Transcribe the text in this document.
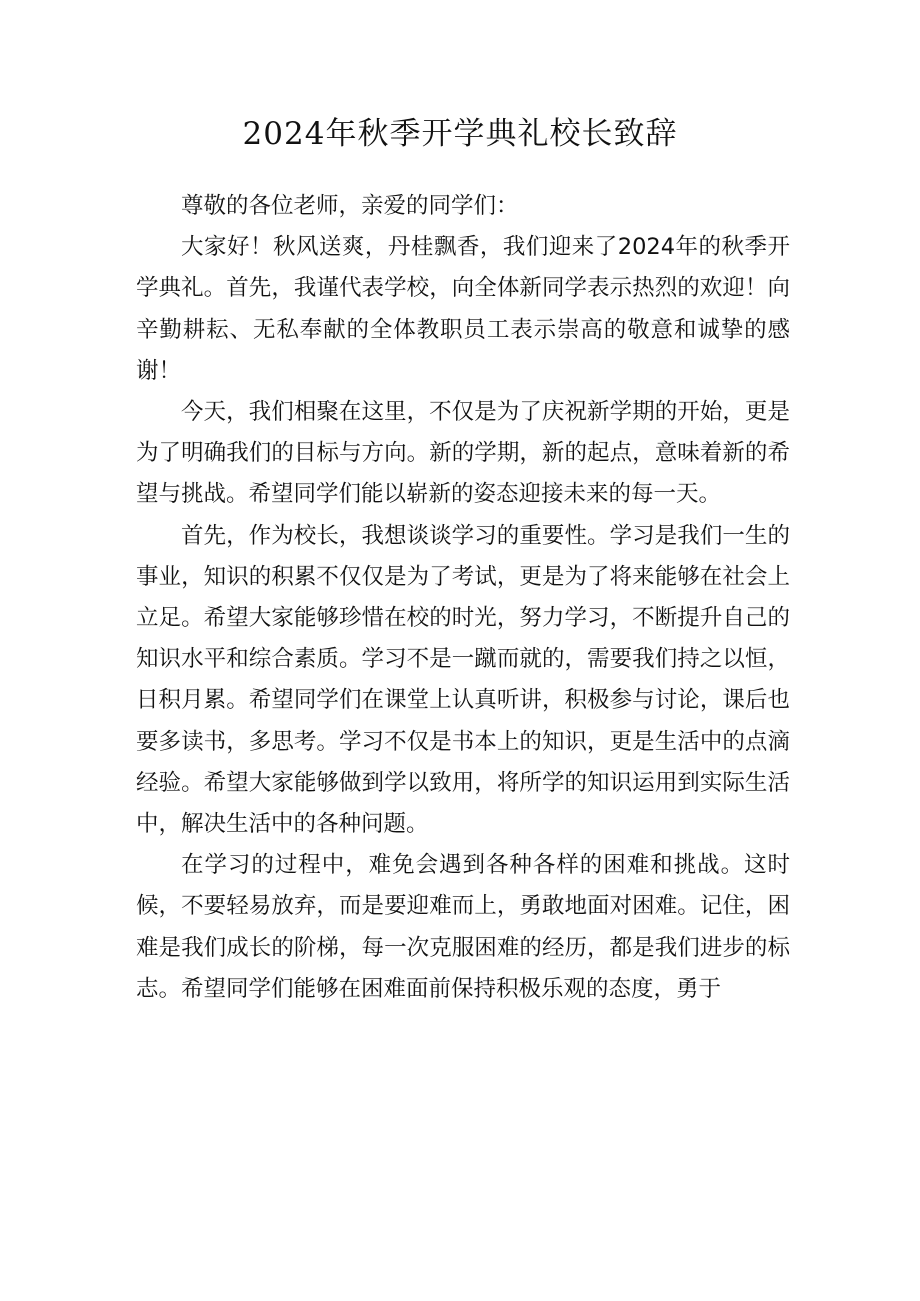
2024年秋季开学典礼校长致辞

尊敬的各位老师，亲爱的同学们：

大家好！秋风送爽，丹桂飘香，我们迎来了2024年的秋季开学典礼。首先，我谨代表学校，向全体新同学表示热烈的欢迎！向辛勤耕耘、无私奉献的全体教职员工表示崇高的敬意和诚挚的感谢！

今天，我们相聚在这里，不仅是为了庆祝新学期的开始，更是为了明确我们的目标与方向。新的学期，新的起点，意味着新的希望与挑战。希望同学们能以崭新的姿态迎接未来的每一天。

首先，作为校长，我想谈谈学习的重要性。学习是我们一生的事业，知识的积累不仅仅是为了考试，更是为了将来能够在社会上立足。希望大家能够珍惜在校的时光，努力学习，不断提升自己的知识水平和综合素质。学习不是一蹴而就的，需要我们持之以恒，日积月累。希望同学们在课堂上认真听讲，积极参与讨论，课后也要多读书，多思考。学习不仅是书本上的知识，更是生活中的点滴经验。希望大家能够做到学以致用，将所学的知识运用到实际生活中，解决生活中的各种问题。

在学习的过程中，难免会遇到各种各样的困难和挑战。这时候，不要轻易放弃，而是要迎难而上，勇敢地面对困难。记住，困难是我们成长的阶梯，每一次克服困难的经历，都是我们进步的标志。希望同学们能够在困难面前保持积极乐观的态度，勇于
